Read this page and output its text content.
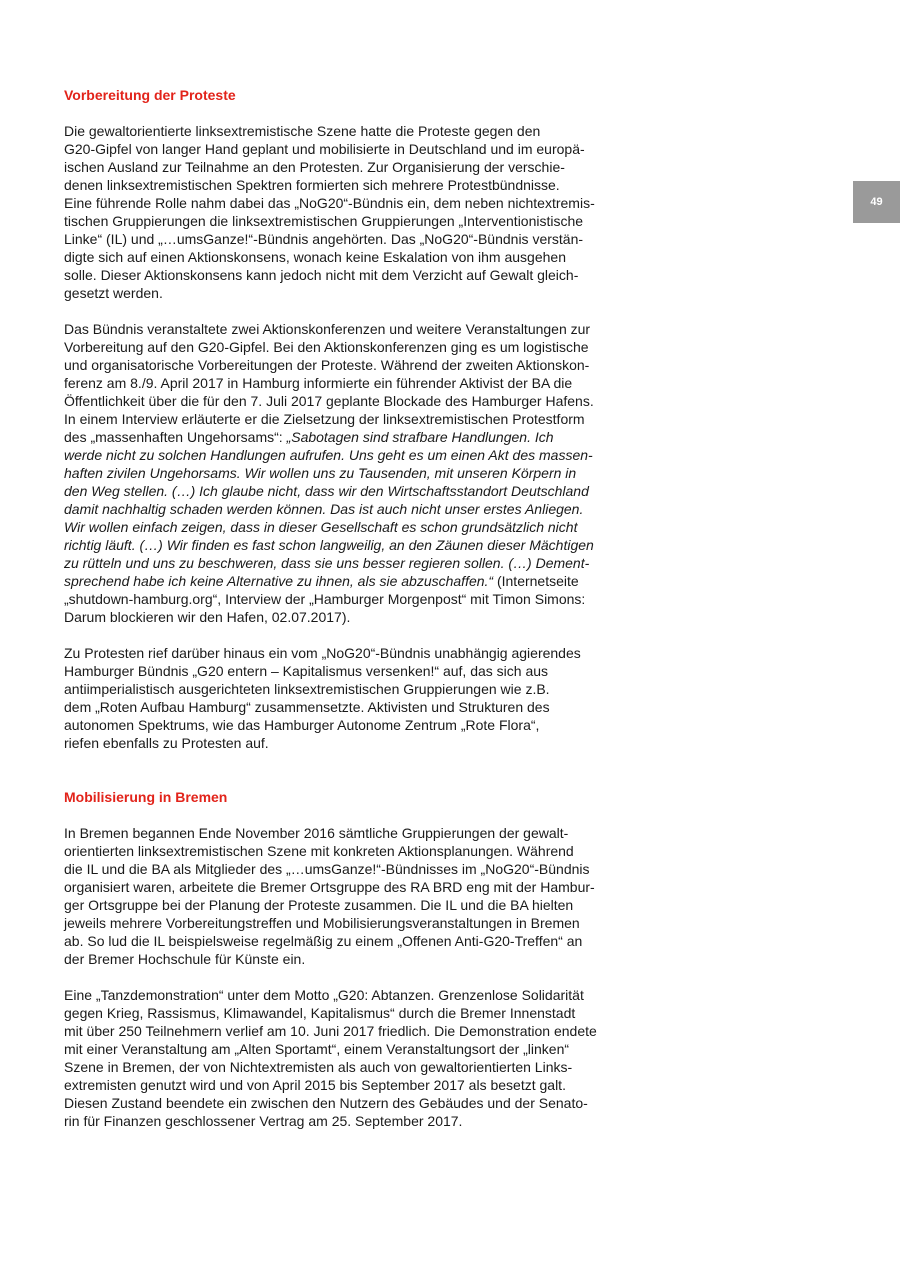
49
Vorbereitung der Proteste

Die gewaltorientierte linksextremistische Szene hatte die Proteste gegen den
G20-Gipfel von langer Hand geplant und mobilisierte in Deutschland und im europä-
ischen Ausland zur Teilnahme an den Protesten. Zur Organisierung der verschie-
denen linksextremistischen Spektren formierten sich mehrere Protestbündnisse.
Eine führende Rolle nahm dabei das „NoG20“-Bündnis ein, dem neben nichtextremis-
tischen Gruppierungen die linksextremistischen Gruppierungen „Interventionistische
Linke“ (IL) und „…umsGanze!“-Bündnis angehörten. Das „NoG20“-Bündnis verstän-
digte sich auf einen Aktionskonsens, wonach keine Eskalation von ihm ausgehen
solle. Dieser Aktionskonsens kann jedoch nicht mit dem Verzicht auf Gewalt gleich-
gesetzt werden.

Das Bündnis veranstaltete zwei Aktionskonferenzen und weitere Veranstaltungen zur
Vorbereitung auf den G20-Gipfel. Bei den Aktionskonferenzen ging es um logistische
und organisatorische Vorbereitungen der Proteste. Während der zweiten Aktionskon-
ferenz am 8./9. April 2017 in Hamburg informierte ein führender Aktivist der BA die
Öffentlichkeit über die für den 7. Juli 2017 geplante Blockade des Hamburger Hafens.
In einem Interview erläuterte er die Zielsetzung der linksextremistischen Protestform
des „massenhaften Ungehorsams“: „Sabotagen sind strafbare Handlungen. Ich
werde nicht zu solchen Handlungen aufrufen. Uns geht es um einen Akt des massen-
haften zivilen Ungehorsams. Wir wollen uns zu Tausenden, mit unseren Körpern in
den Weg stellen. (…) Ich glaube nicht, dass wir den Wirtschaftsstandort Deutschland
damit nachhaltig schaden werden können. Das ist auch nicht unser erstes Anliegen.
Wir wollen einfach zeigen, dass in dieser Gesellschaft es schon grundsätzlich nicht
richtig läuft. (…) Wir finden es fast schon langweilig, an den Zäunen dieser Mächtigen
zu rütteln und uns zu beschweren, dass sie uns besser regieren sollen. (…) Dement-
sprechend habe ich keine Alternative zu ihnen, als sie abzuschaffen.“ (Internetseite
„shutdown-hamburg.org“, Interview der „Hamburger Morgenpost“ mit Timon Simons:
Darum blockieren wir den Hafen, 02.07.2017).

Zu Protesten rief darüber hinaus ein vom „NoG20“-Bündnis unabhängig agierendes
Hamburger Bündnis „G20 entern – Kapitalismus versenken!“ auf, das sich aus
antiimperialistisch ausgerichteten linksextremistischen Gruppierungen wie z.B.
dem „Roten Aufbau Hamburg“ zusammensetzte. Aktivisten und Strukturen des
autonomen Spektrums, wie das Hamburger Autonome Zentrum „Rote Flora“,
riefen ebenfalls zu Protesten auf.

Mobilisierung in Bremen

In Bremen begannen Ende November 2016 sämtliche Gruppierungen der gewalt-
orientierten linksextremistischen Szene mit konkreten Aktionsplanungen. Während
die IL und die BA als Mitglieder des „…umsGanze!“-Bündnisses im „NoG20“-Bündnis
organisiert waren, arbeitete die Bremer Ortsgruppe des RA BRD eng mit der Hambur-
ger Ortsgruppe bei der Planung der Proteste zusammen. Die IL und die BA hielten
jeweils mehrere Vorbereitungstreffen und Mobilisierungsveranstaltungen in Bremen
ab. So lud die IL beispielsweise regelmäßig zu einem „Offenen Anti-G20-Treffen“ an
der Bremer Hochschule für Künste ein.

Eine „Tanzdemonstration“ unter dem Motto „G20: Abtanzen. Grenzenlose Solidarität
gegen Krieg, Rassismus, Klimawandel, Kapitalismus“ durch die Bremer Innenstadt
mit über 250 Teilnehmern verlief am 10. Juni 2017 friedlich. Die Demonstration endete
mit einer Veranstaltung am „Alten Sportamt“, einem Veranstaltungsort der „linken“
Szene in Bremen, der von Nichtextremisten als auch von gewaltorientierten Links-
extremisten genutzt wird und von April 2015 bis September 2017 als besetzt galt.
Diesen Zustand beendete ein zwischen den Nutzern des Gebäudes und der Senato-
rin für Finanzen geschlossener Vertrag am 25. September 2017.
